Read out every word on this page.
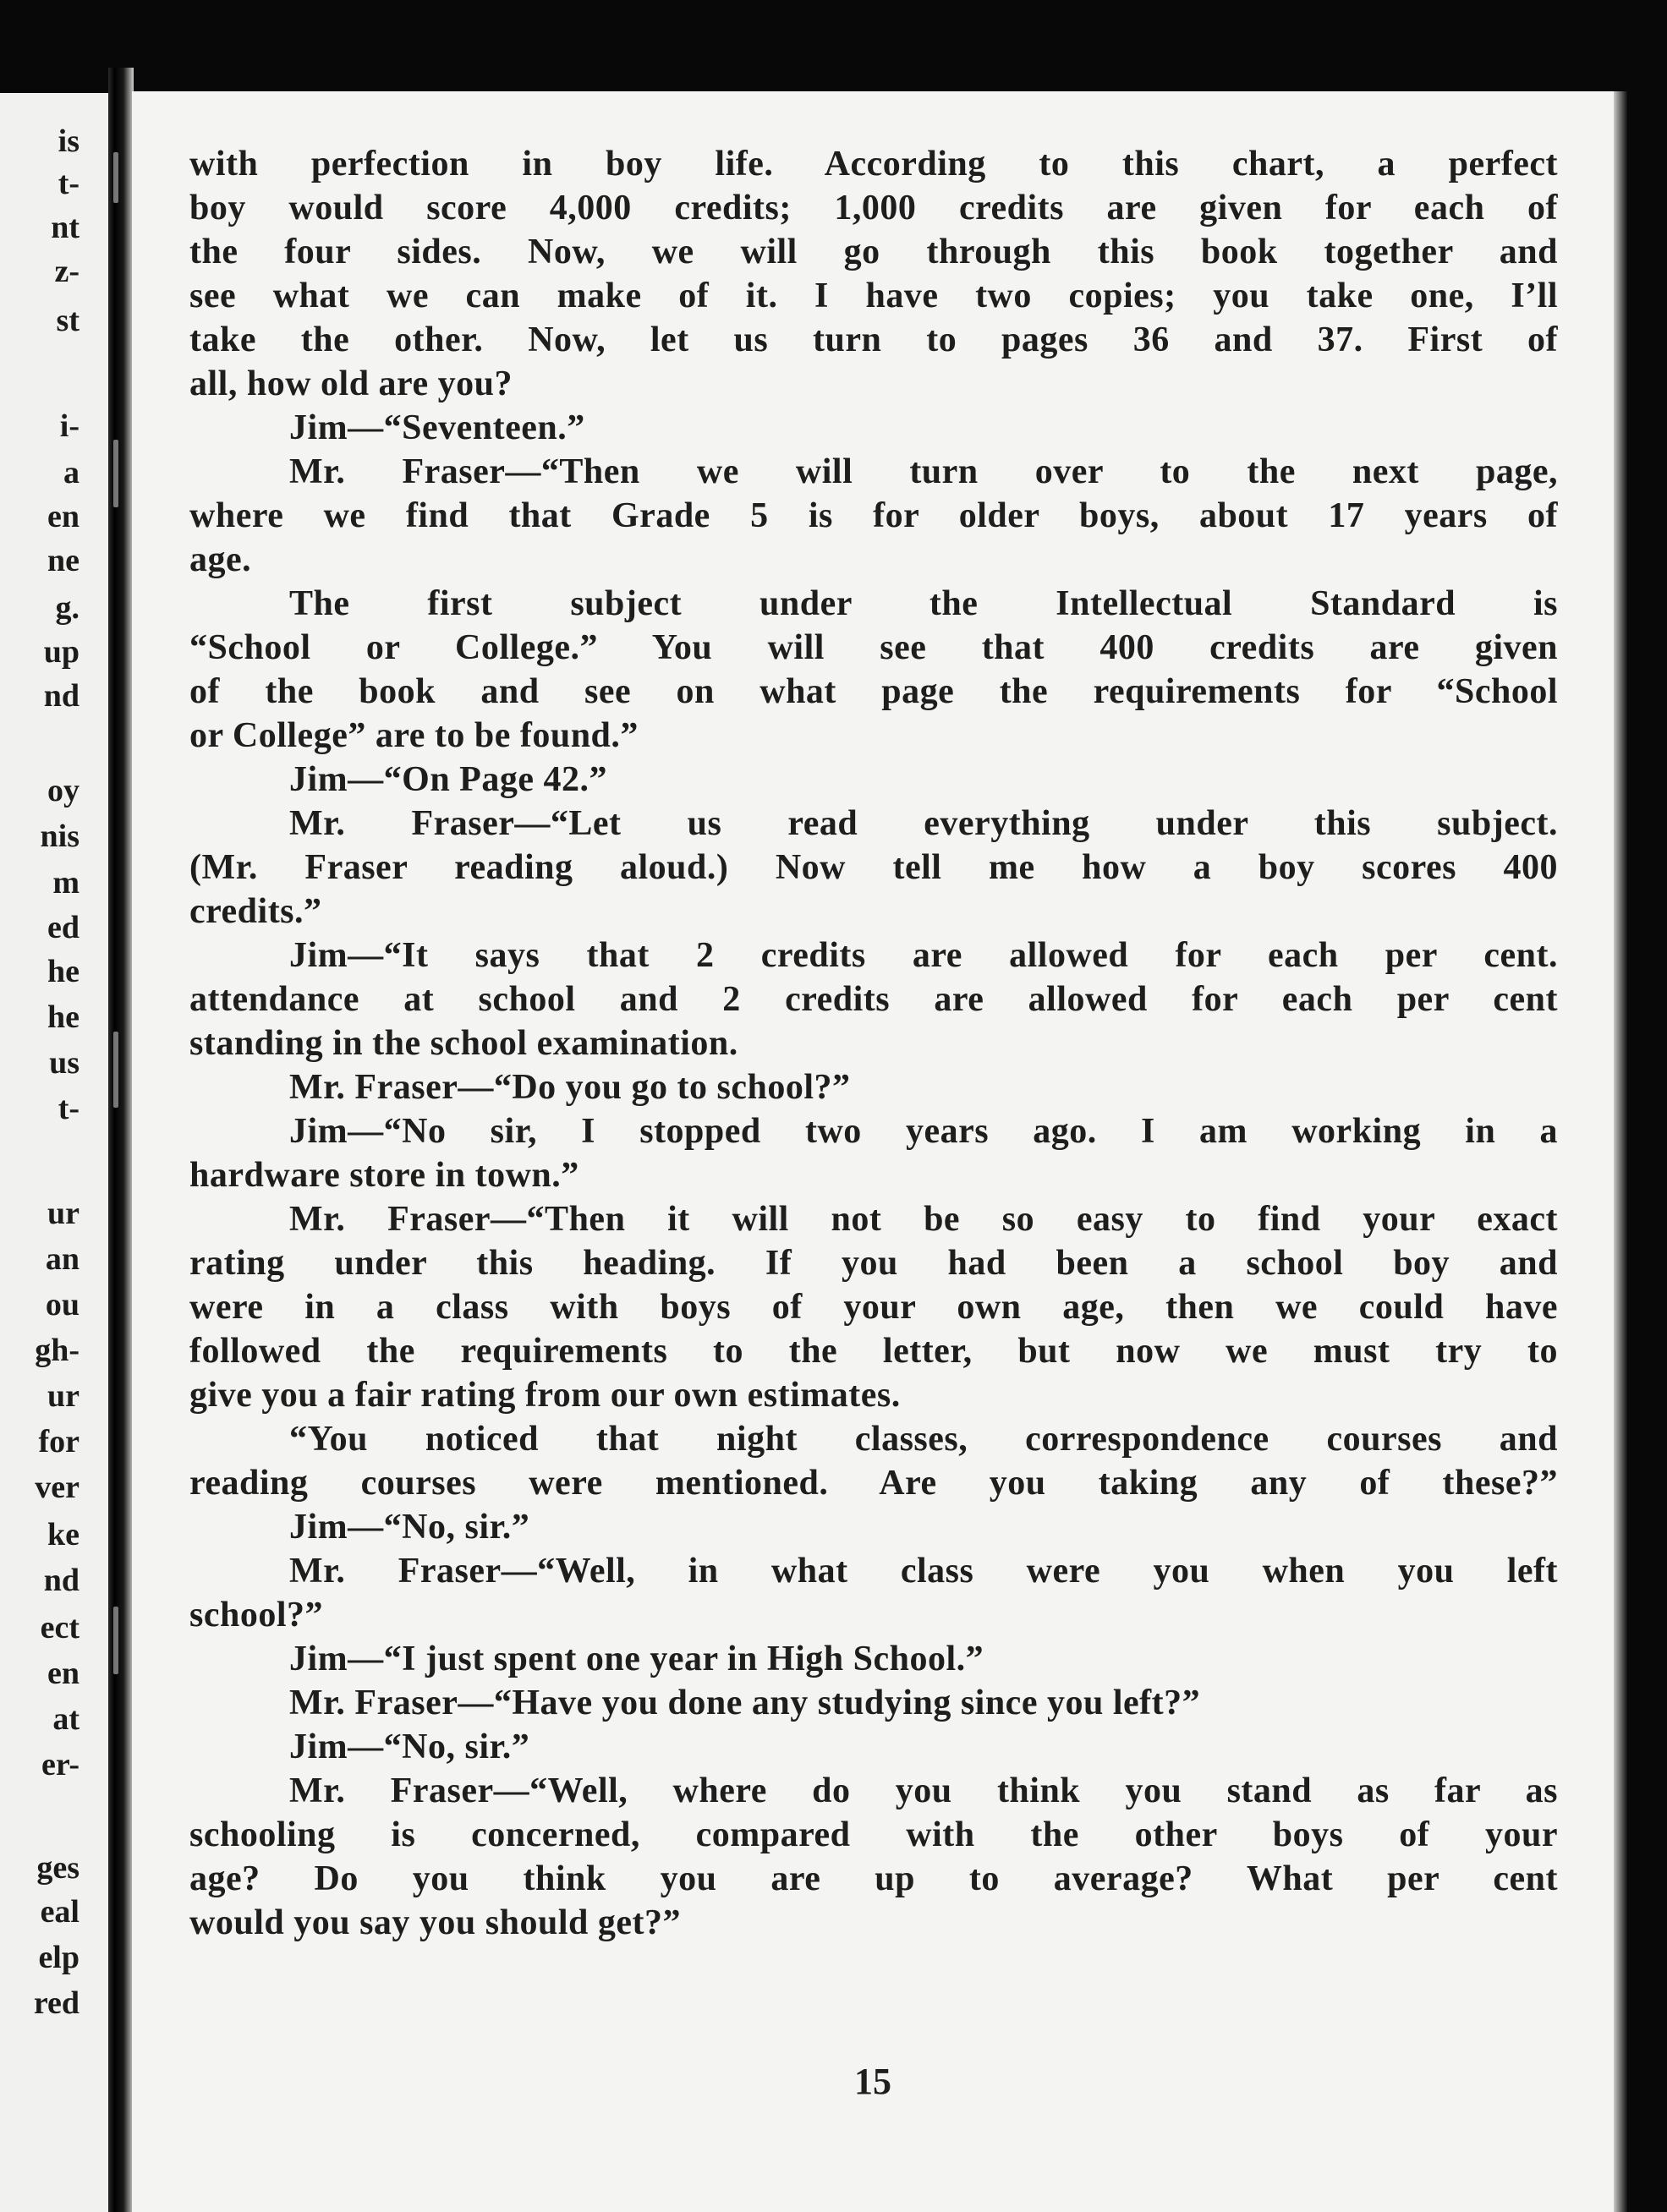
is
t-
nt
z-
st
i-
a
en
ne
g.
up
nd
oy
nis
m
ed
he
he
us
t-
ur
an
ou
gh-
ur
for
ver
ke
nd
ect
en
at
er-
ges
eal
elp
red
with perfection in boy life. According to this chart, a perfect
boy would score 4,000 credits; 1,000 credits are given for each of
the four sides. Now, we will go through this book together and
see what we can make of it. I have two copies; you take one, I’ll
take the other. Now, let us turn to pages 36 and 37. First of
all, how old are you?
Jim—“Seventeen.”
Mr. Fraser—“Then we will turn over to the next page,
where we find that Grade 5 is for older boys, about 17 years of
age.
The first subject under the Intellectual Standard is
“School or College.” You will see that 400 credits are given
of the book and see on what page the requirements for “School
or College” are to be found.”
Jim—“On Page 42.”
Mr. Fraser—“Let us read everything under this subject.
(Mr. Fraser reading aloud.) Now tell me how a boy scores 400
credits.”
Jim—“It says that 2 credits are allowed for each per cent.
attendance at school and 2 credits are allowed for each per cent
standing in the school examination.
Mr. Fraser—“Do you go to school?”
Jim—“No sir, I stopped two years ago. I am working in a
hardware store in town.”
Mr. Fraser—“Then it will not be so easy to find your exact
rating under this heading. If you had been a school boy and
were in a class with boys of your own age, then we could have
followed the requirements to the letter, but now we must try to
give you a fair rating from our own estimates.
“You noticed that night classes, correspondence courses and
reading courses were mentioned. Are you taking any of these?”
Jim—“No, sir.”
Mr. Fraser—“Well, in what class were you when you left
school?”
Jim—“I just spent one year in High School.”
Mr. Fraser—“Have you done any studying since you left?”
Jim—“No, sir.”
Mr. Fraser—“Well, where do you think you stand as far as
schooling is concerned, compared with the other boys of your
age? Do you think you are up to average? What per cent
would you say you should get?”
15
